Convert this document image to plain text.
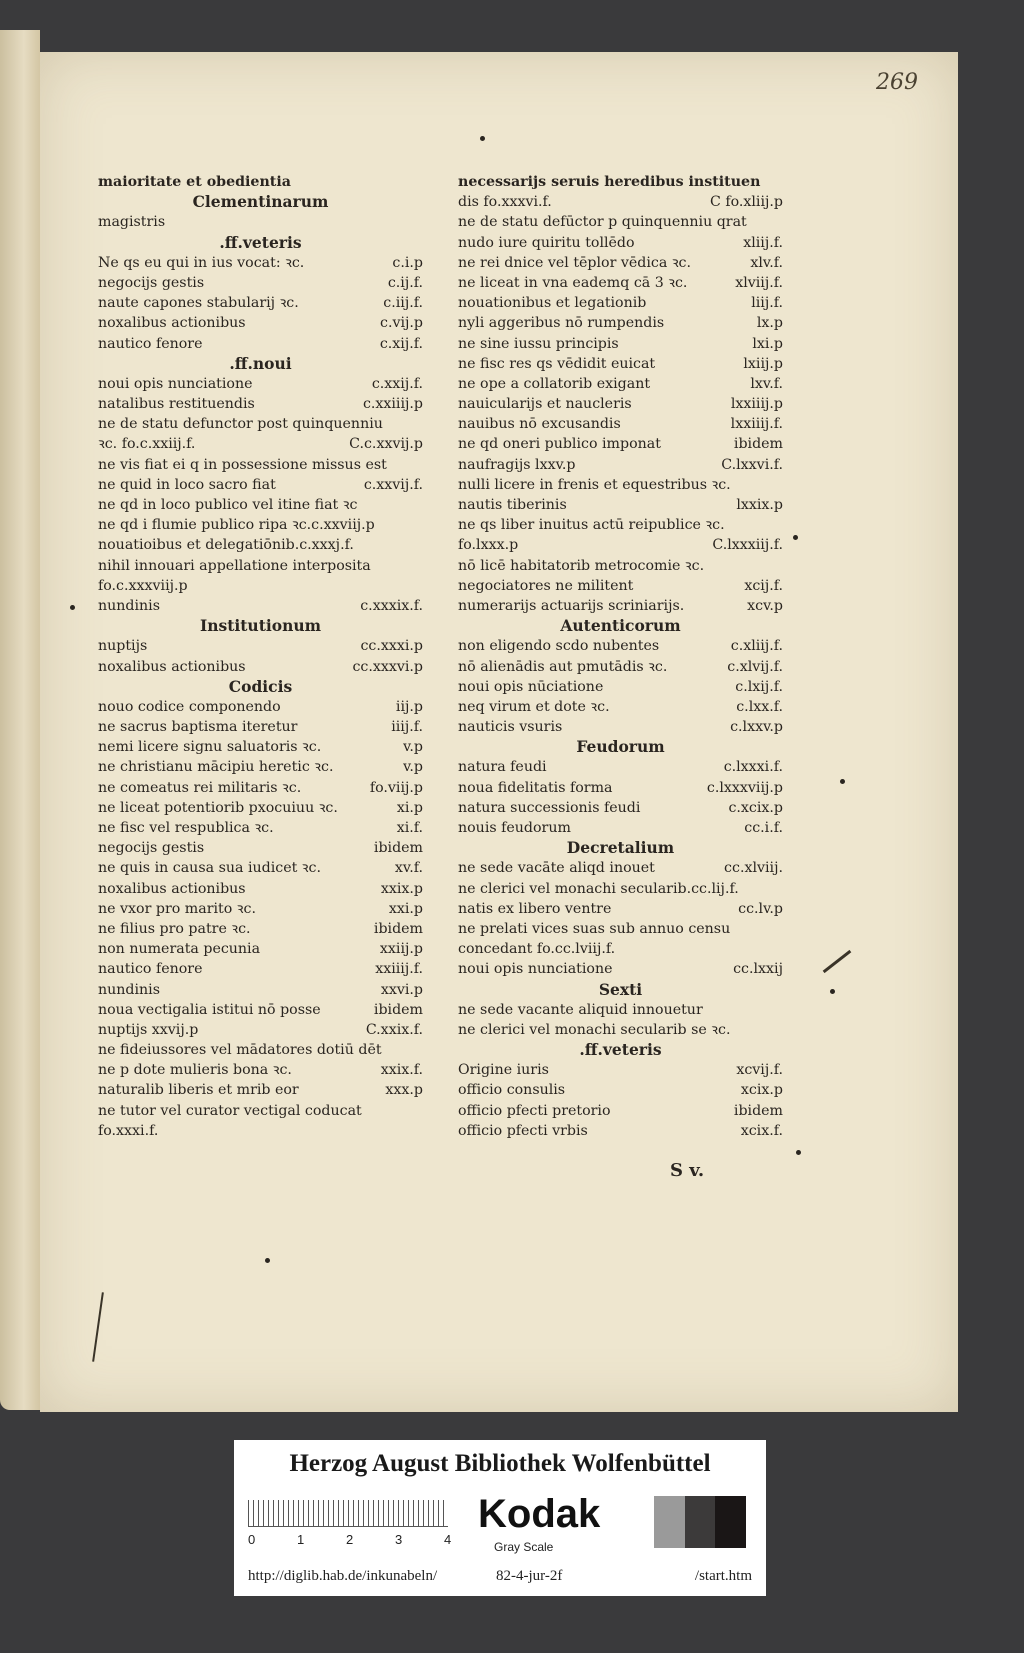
269
maioritate et obedientia
Clementinarum
magistris
.ff.veteris
Ne qs eu qui in ius vocat: ꝛc.	c.i.p
negocijs gestis	c.ij.f.
naute capones stabularij ꝛc.	c.iij.f.
noxalibus actionibus	c.vij.p
nautico fenore	c.xij.f.
.ff.noui
noui opis nunciatione	c.xxij.f.
natalibus restituendis	c.xxiiij.p
ne de statu defunctor post quinquenniu
ꝛc. fo.c.xxiij.f.	C.c.xxvij.p
ne vis fiat ei q in possessione missus est
ne quid in loco sacro fiat	c.xxvij.f.
ne qd in loco publico vel itine fiat ꝛc
ne qd i flumie publico ripa ꝛc.c.xxviij.p
nouatioibus et delegatiōnib.c.xxxj.f.
nihil innouari appellatione interposita
fo.c.xxxviij.p
nundinis	c.xxxix.f.
Institutionum
nuptijs	cc.xxxi.p
noxalibus actionibus	cc.xxxvi.p
Codicis
nouo codice componendo	iij.p
ne sacrus baptisma iteretur	iiij.f.
nemi licere signu saluatoris ꝛc.	v.p
ne christianu mācipiu heretic ꝛc.	v.p
ne comeatus rei militaris ꝛc.	fo.viij.p
ne liceat potentiorib pxocuiuu ꝛc.	xi.p
ne fisc vel respublica ꝛc.	xi.f.
negocijs gestis	ibidem
ne quis in causa sua iudicet ꝛc.	xv.f.
noxalibus actionibus	xxix.p
ne vxor pro marito ꝛc.	xxi.p
ne filius pro patre ꝛc.	ibidem
non numerata pecunia	xxiij.p
nautico fenore	xxiiij.f.
nundinis	xxvi.p
noua vectigalia istitui nō posse	ibidem
nuptijs xxvij.p	C.xxix.f.
ne fideiussores vel mādatores dotiū dēt
ne p dote mulieris bona ꝛc.	xxix.f.
naturalib liberis et mrib eor	xxx.p
ne tutor vel curator vectigal coducat
fo.xxxi.f.
necessarijs seruis heredibus instituen
dis fo.xxxvi.f.	C fo.xliij.p
ne de statu defūctor p quinquenniu qrat
nudo iure quiritu tollēdo	xliij.f.
ne rei dnice vel tēplor vēdica ꝛc.	xlv.f.
ne liceat in vna eademq cā 3 ꝛc.	xlviij.f.
nouationibus et legationib	liij.f.
nyli aggeribus nō rumpendis	lx.p
ne sine iussu principis	lxi.p
ne fisc res qs vēdidit euicat	lxiij.p
ne ope a collatorib exigant	lxv.f.
nauicularijs et naucleris	lxxiiij.p
nauibus nō excusandis	lxxiiij.f.
ne qd oneri publico imponat	ibidem
naufragijs lxxv.p	C.lxxvi.f.
nulli licere in frenis et equestribus ꝛc.
nautis tiberinis	lxxix.p
ne qs liber inuitus actū reipublice ꝛc.
fo.lxxx.p	C.lxxxiij.f.
nō licē habitatorib metrocomie ꝛc.
negociatores ne militent	xcij.f.
numerarijs actuarijs scriniarijs.	xcv.p
Autenticorum
non eligendo scdo nubentes	c.xliij.f.
nō alienādis aut pmutādis ꝛc.	c.xlvij.f.
noui opis nūciatione	c.lxij.f.
neq virum et dote ꝛc.	c.lxx.f.
nauticis vsuris	c.lxxv.p
Feudorum
natura feudi	c.lxxxi.f.
noua fidelitatis forma	c.lxxxviij.p
natura successionis feudi	c.xcix.p
nouis feudorum	cc.i.f.
Decretalium
ne sede vacāte aliqd inouet	cc.xlviij.
ne clerici vel monachi secularib.cc.lij.f.
natis ex libero ventre	cc.lv.p
ne prelati vices suas sub annuo censu
concedant fo.cc.lviij.f.
noui opis nunciatione	cc.lxxij
Sexti
ne sede vacante aliquid innouetur
ne clerici vel monachi secularib se ꝛc.
.ff.veteris
Origine iuris	xcvij.f.
officio consulis	xcix.p
officio pfecti pretorio	ibidem
officio pfecti vrbis	xcix.f.
S v.
Herzog August Bibliothek Wolfenbüttel
0	1	2	3	4
Kodak
Gray Scale
http://diglib.hab.de/inkunabeln/	82-4-jur-2f	/start.htm
